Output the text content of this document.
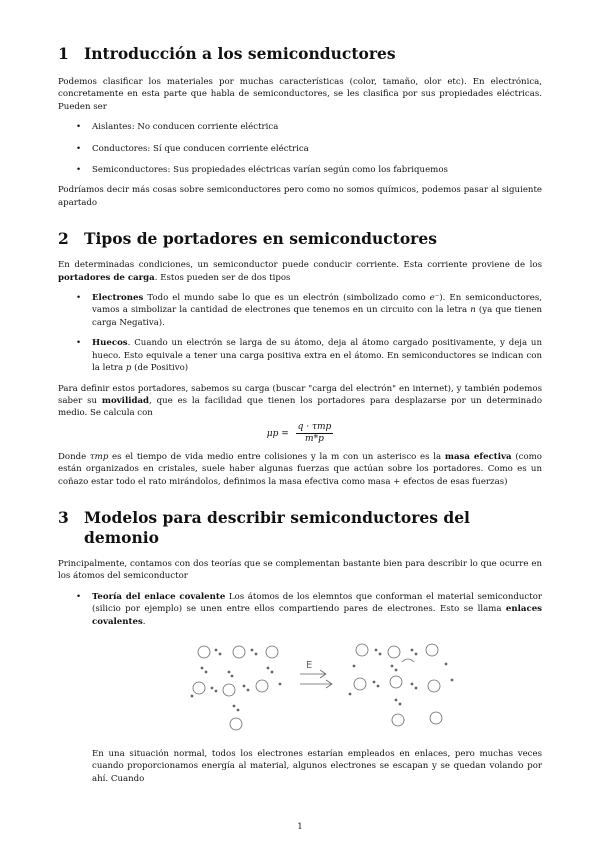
1 Introducción a los semiconductores

Podemos clasificar los materiales por muchas características (color, tamaño, olor etc). En electrónica, concretamente en esta parte que habla de semiconductores, se les clasifica por sus propiedades eléctricas. Pueden ser

• Aislantes: No conducen corriente eléctrica
• Conductores: Sí que conducen corriente eléctrica
• Semiconductores: Sus propiedades eléctricas varían según como los fabriquemos

Podríamos decir más cosas sobre semiconductores pero como no somos químicos, podemos pasar al siguiente apartado

2 Tipos de portadores en semiconductores

En determinadas condiciones, un semiconductor puede conducir corriente. Esta corriente proviene de los portadores de carga. Estos pueden ser de dos tipos

• Electrones Todo el mundo sabe lo que es un electrón (simbolizado como e⁻). En semiconductores, vamos a simbolizar la cantidad de electrones que tenemos en un circuito con la letra n (ya que tienen carga Negativa).
• Huecos. Cuando un electrón se larga de su átomo, deja al átomo cargado positivamente, y deja un hueco. Esto equivale a tener una carga positiva extra en el átomo. En semiconductores se indican con la letra p (de Positivo)

Para definir estos portadores, sabemos su carga (buscar "carga del electrón" en internet), y también podemos saber su movilidad, que es la facilidad que tienen los portadores para desplazarse por un determinado medio. Se calcula con

$\mu p = \frac{\text{q · τmp}}{m*p}$

Donde τmp es el tiempo de vida medio entre colisiones y la m con un asterisco es la masa efectiva (como están organizados en cristales, suele haber algunas fuerzas que actúan sobre los portadores. Como es un coñazo estar todo el rato mirándolos, definimos la masa efectiva como masa + efectos de esas fuerzas)

3 Modelos para describir semiconductores del demonio

Principalmente, contamos con dos teorías que se complementan bastante bien para describir lo que ocurre en los átomos del semiconductor

• Teoría del enlace covalente Los átomos de los elemntos que conforman el material semiconductor (silicio por ejemplo) se unen entre ellos compartiendo pares de electrones. Esto se llama enlaces covalentes.
E

En una situación normal, todos los electrones estarían empleados en enlaces, pero muchas veces cuando proporcionamos energía al material, algunos electrones se escapan y se quedan volando por ahí. Cuando

1
